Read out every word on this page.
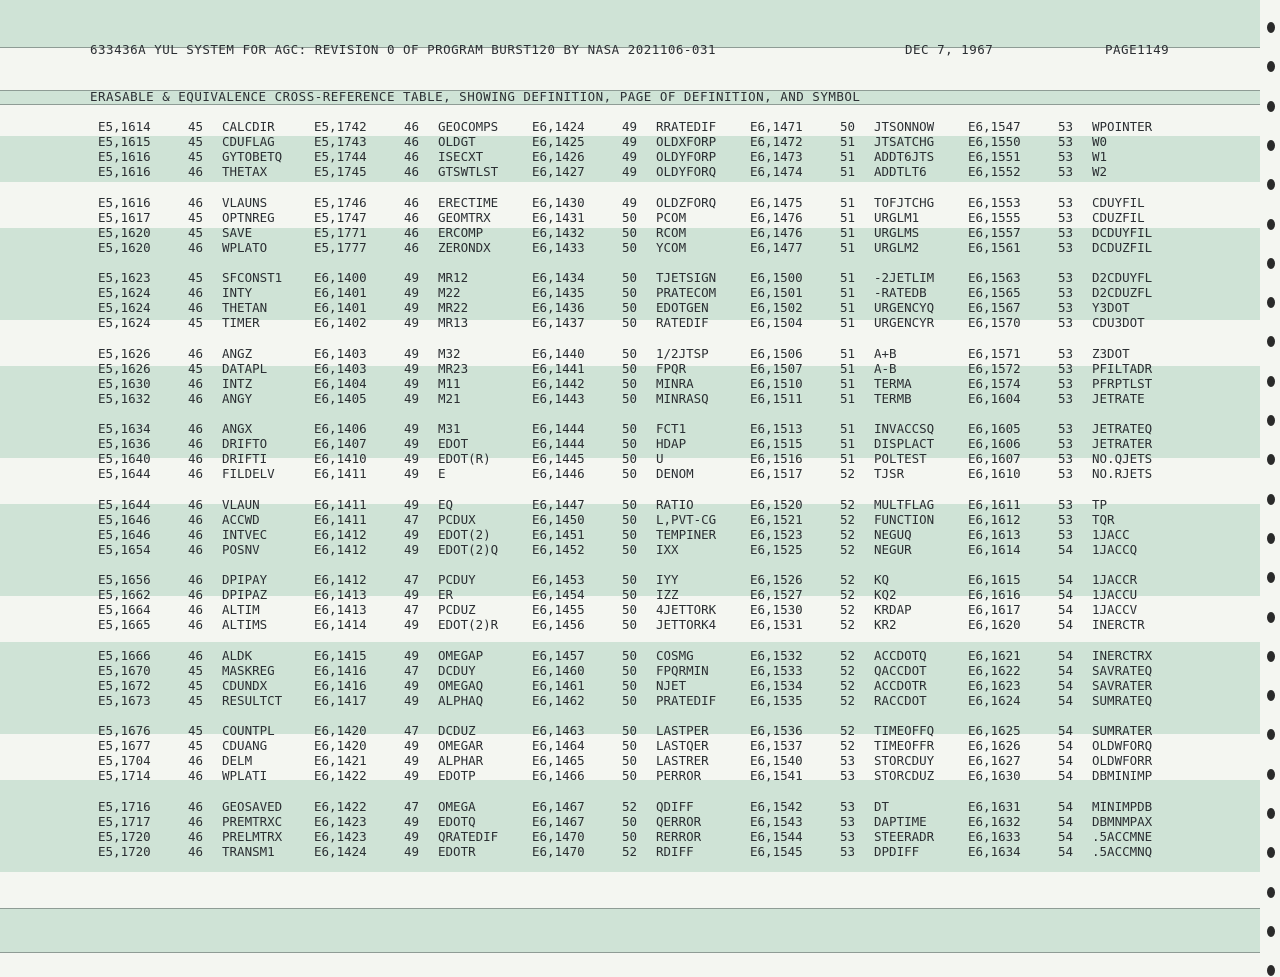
633436A YUL SYSTEM FOR AGC: REVISION 0 OF PROGRAM BURST120 BY NASA 2021106-031	DEC 7, 1967	PAGE1149
ERASABLE & EQUIVALENCE CROSS-REFERENCE TABLE, SHOWING DEFINITION, PAGE OF DEFINITION, AND SYMBOL
E5,1614	45 CALCDIR	E5,1742	46 GEOCOMPS	E6,1424	49 RRATEDIF	E6,1471	50 JTSONNOW	E6,1547	53 WPOINTER
E5,1615	45 CDUFLAG	E5,1743	46 OLDGT	E6,1425	49 OLDXFORP	E6,1472	51 JTSATCHG	E6,1550	53 W0
E5,1616	45 GYTOBETQ	E5,1744	46 ISECXT	E6,1426	49 OLDYFORP	E6,1473	51 ADDT6JTS	E6,1551	53 W1
E5,1616	46 THETAX	E5,1745	46 GTSWTLST	E6,1427	49 OLDYFORQ	E6,1474	51 ADDTLT6	E6,1552	53 W2
E5,1616	46 VLAUNS	E5,1746	46 ERECTIME	E6,1430	49 OLDZFORQ	E6,1475	51 TOFJTCHG	E6,1553	53 CDUYFIL
E5,1617	45 OPTNREG	E5,1747	46 GEOMTRX	E6,1431	50 PCOM	E6,1476	51 URGLM1	E6,1555	53 CDUZFIL
E5,1620	45 SAVE	E5,1771	46 ERCOMP	E6,1432	50 RCOM	E6,1476	51 URGLMS	E6,1557	53 DCDUYFIL
E5,1620	46 WPLATO	E5,1777	46 ZERONDX	E6,1433	50 YCOM	E6,1477	51 URGLM2	E6,1561	53 DCDUZFIL
E5,1623	45 SFCONST1	E6,1400	49 MR12	E6,1434	50 TJETSIGN	E6,1500	51 -2JETLIM	E6,1563	53 D2CDUYFL
E5,1624	46 INTY	E6,1401	49 M22	E6,1435	50 PRATECOM	E6,1501	51 -RATEDB	E6,1565	53 D2CDUZFL
E5,1624	46 THETAN	E6,1401	49 MR22	E6,1436	50 EDOTGEN	E6,1502	51 URGENCYQ	E6,1567	53 Y3DOT
E5,1624	45 TIMER	E6,1402	49 MR13	E6,1437	50 RATEDIF	E6,1504	51 URGENCYR	E6,1570	53 CDU3DOT
E5,1626	46 ANGZ	E6,1403	49 M32	E6,1440	50 1/2JTSP	E6,1506	51 A+B	E6,1571	53 Z3DOT
E5,1626	45 DATAPL	E6,1403	49 MR23	E6,1441	50 FPQR	E6,1507	51 A-B	E6,1572	53 PFILTADR
E5,1630	46 INTZ	E6,1404	49 M11	E6,1442	50 MINRA	E6,1510	51 TERMA	E6,1574	53 PFRPTLST
E5,1632	46 ANGY	E6,1405	49 M21	E6,1443	50 MINRASQ	E6,1511	51 TERMB	E6,1604	53 JETRATE
E5,1634	46 ANGX	E6,1406	49 M31	E6,1444	50 FCT1	E6,1513	51 INVACCSQ	E6,1605	53 JETRATEQ
E5,1636	46 DRIFTO	E6,1407	49 EDOT	E6,1444	50 HDAP	E6,1515	51 DISPLACT	E6,1606	53 JETRATER
E5,1640	46 DRIFTI	E6,1410	49 EDOT(R)	E6,1445	50 U	E6,1516	51 POLTEST	E6,1607	53 NO.QJETS
E5,1644	46 FILDELV	E6,1411	49 E	E6,1446	50 DENOM	E6,1517	52 TJSR	E6,1610	53 NO.RJETS
E5,1644	46 VLAUN	E6,1411	49 EQ	E6,1447	50 RATIO	E6,1520	52 MULTFLAG	E6,1611	53 TP
E5,1646	46 ACCWD	E6,1411	47 PCDUX	E6,1450	50 L,PVT-CG	E6,1521	52 FUNCTION	E6,1612	53 TQR
E5,1646	46 INTVEC	E6,1412	49 EDOT(2)	E6,1451	50 TEMPINER	E6,1523	52 NEGUQ	E6,1613	53 1JACC
E5,1654	46 POSNV	E6,1412	49 EDOT(2)Q	E6,1452	50 IXX	E6,1525	52 NEGUR	E6,1614	54 1JACCQ
E5,1656	46 DPIPAY	E6,1412	47 PCDUY	E6,1453	50 IYY	E6,1526	52 KQ	E6,1615	54 1JACCR
E5,1662	46 DPIPAZ	E6,1413	49 ER	E6,1454	50 IZZ	E6,1527	52 KQ2	E6,1616	54 1JACCU
E5,1664	46 ALTIM	E6,1413	47 PCDUZ	E6,1455	50 4JETTORK	E6,1530	52 KRDAP	E6,1617	54 1JACCV
E5,1665	46 ALTIMS	E6,1414	49 EDOT(2)R	E6,1456	50 JETTORK4	E6,1531	52 KR2	E6,1620	54 INERCTR
E5,1666	46 ALDK	E6,1415	49 OMEGAP	E6,1457	50 COSMG	E6,1532	52 ACCDOTQ	E6,1621	54 INERCTRX
E5,1670	45 MASKREG	E6,1416	47 DCDUY	E6,1460	50 FPQRMIN	E6,1533	52 QACCDOT	E6,1622	54 SAVRATEQ
E5,1672	45 CDUNDX	E6,1416	49 OMEGAQ	E6,1461	50 NJET	E6,1534	52 ACCDOTR	E6,1623	54 SAVRATER
E5,1673	45 RESULTCT	E6,1417	49 ALPHAQ	E6,1462	50 PRATEDIF	E6,1535	52 RACCDOT	E6,1624	54 SUMRATEQ
E5,1676	45 COUNTPL	E6,1420	47 DCDUZ	E6,1463	50 LASTPER	E6,1536	52 TIMEOFFQ	E6,1625	54 SUMRATER
E5,1677	45 CDUANG	E6,1420	49 OMEGAR	E6,1464	50 LASTQER	E6,1537	52 TIMEOFFR	E6,1626	54 OLDWFORQ
E5,1704	46 DELM	E6,1421	49 ALPHAR	E6,1465	50 LASTRER	E6,1540	53 STORCDUY	E6,1627	54 OLDWFORR
E5,1714	46 WPLATI	E6,1422	49 EDOTP	E6,1466	50 PERROR	E6,1541	53 STORCDUZ	E6,1630	54 DBMINIMP
E5,1716	46 GEOSAVED	E6,1422	47 OMEGA	E6,1467	52 QDIFF	E6,1542	53 DT	E6,1631	54 MINIMPDB
E5,1717	46 PREMTRXC	E6,1423	49 EDOTQ	E6,1467	50 QERROR	E6,1543	53 DAPTIME	E6,1632	54 DBMNMPAX
E5,1720	46 PRELMTRX	E6,1423	49 QRATEDIF	E6,1470	50 RERROR	E6,1544	53 STEERADR	E6,1633	54 .5ACCMNE
E5,1720	46 TRANSM1	E6,1424	49 EDOTR	E6,1470	52 RDIFF	E6,1545	53 DPDIFF	E6,1634	54 .5ACCMNQ
